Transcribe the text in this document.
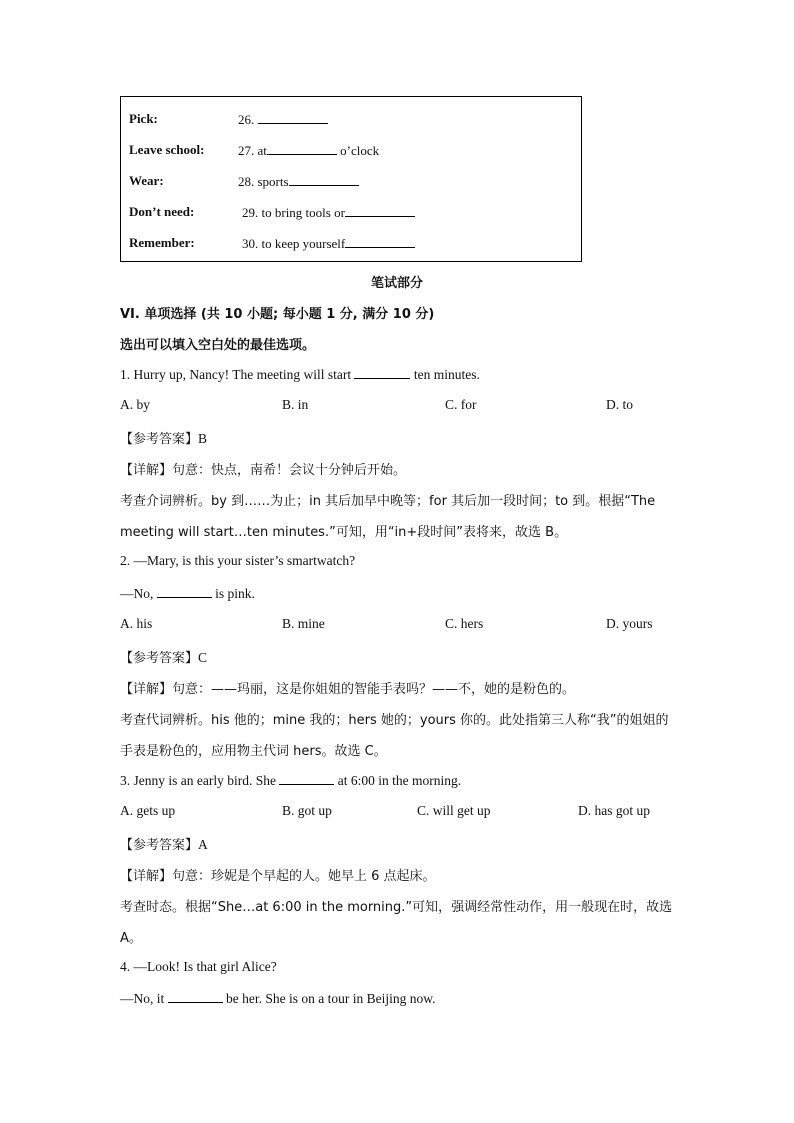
Pick:	26.
Leave school:	27. at	o’clock
Wear:	28. sports
Don’t need:	29. to bring tools or
Remember:	30. to keep yourself
笔试部分
VI. 单项选择 (共 10 小题; 每小题 1 分, 满分 10 分)
选出可以填入空白处的最佳选项。
1. Hurry up, Nancy! The meeting will start	ten minutes.
A. by	B. in	C. for	D. to
【参考答案】B
【详解】句意：快点，南希！会议十分钟后开始。
考查介词辨析。by 到……为止；in 其后加早中晚等；for 其后加一段时间；to 到。根据“The
meeting will start…ten minutes.”可知，用“in+段时间”表将来，故选 B。
2. —Mary, is this your sister’s smartwatch?
—No,	is pink.
A. his	B. mine	C. hers	D. yours
【参考答案】C
【详解】句意：——玛丽，这是你姐姐的智能手表吗？——不，她的是粉色的。
考查代词辨析。his 他的；mine 我的；hers 她的；yours 你的。此处指第三人称“我”的姐姐的
手表是粉色的，应用物主代词 hers。故选 C。
3. Jenny is an early bird. She	at 6:00 in the morning.
A. gets up	B. got up	C. will get up	D. has got up
【参考答案】A
【详解】句意：珍妮是个早起的人。她早上 6 点起床。
考查时态。根据“She…at 6:00 in the morning.”可知，强调经常性动作，用一般现在时，故选
A。
4. —Look! Is that girl Alice?
—No, it	be her. She is on a tour in Beijing now.
